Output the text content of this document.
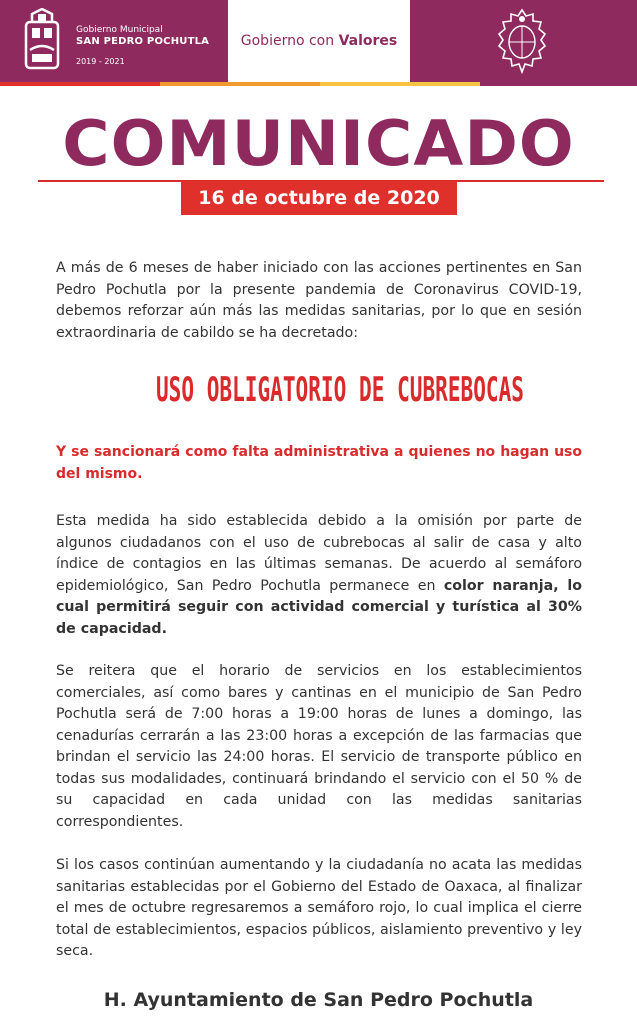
Gobierno Municipal
SAN PEDRO POCHUTLA
2019 - 2021
Gobierno con Valores
COMUNICADO
16 de octubre de 2020

A más de 6 meses de haber iniciado con las acciones pertinentes en San Pedro Pochutla por la presente pandemia de Coronavirus COVID-19, debemos reforzar aún más las medidas sanitarias, por lo que en sesión extraordinaria de cabildo se ha decretado:

USO OBLIGATORIO DE CUBREBOCAS

Y se sancionará como falta administrativa a quienes no hagan uso del mismo.

Esta medida ha sido establecida debido a la omisión por parte de algunos ciudadanos con el uso de cubrebocas al salir de casa y alto índice de contagios en las últimas semanas. De acuerdo al semáforo epidemiológico, San Pedro Pochutla permanece en color naranja, lo cual permitirá seguir con actividad comercial y turística al 30% de capacidad.

Se reitera que el horario de servicios en los establecimientos comerciales, así como bares y cantinas en el municipio de San Pedro Pochutla será de 7:00 horas a 19:00 horas de lunes a domingo, las cenadurías cerrarán a las 23:00 horas a excepción de las farmacias que brindan el servicio las 24:00 horas. El servicio de transporte público en todas sus modalidades, continuará brindando el servicio con el 50 % de su capacidad en cada unidad con las medidas sanitarias correspondientes.

Si los casos continúan aumentando y la ciudadanía no acata las medidas sanitarias establecidas por el Gobierno del Estado de Oaxaca, al finalizar el mes de octubre regresaremos a semáforo rojo, lo cual implica el cierre total de establecimientos, espacios públicos, aislamiento preventivo y ley seca.

H. Ayuntamiento de San Pedro Pochutla
